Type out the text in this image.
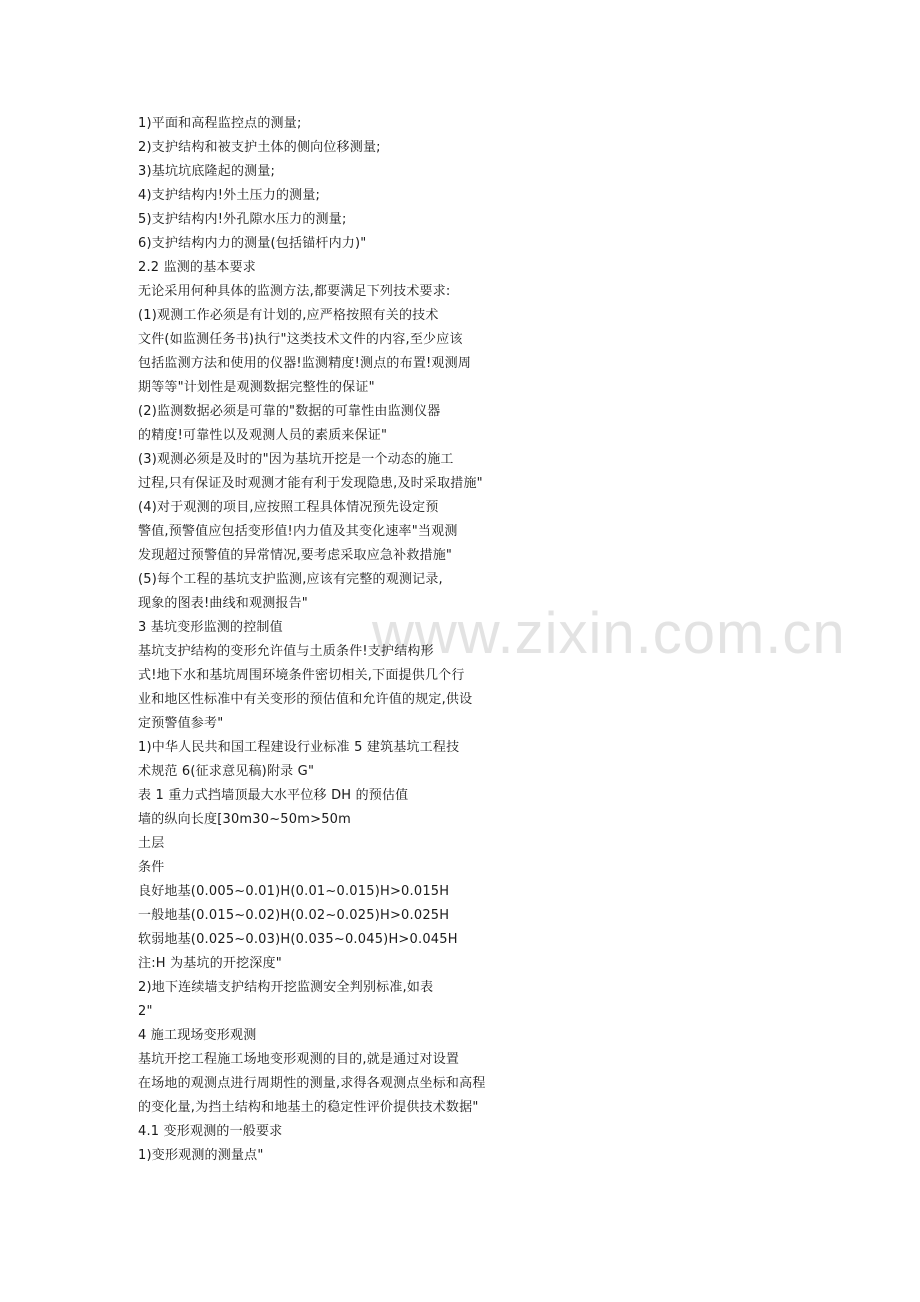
www.zixin.com.cn
1)平面和高程监控点的测量;
2)支护结构和被支护土体的侧向位移测量;
3)基坑坑底隆起的测量;
4)支护结构内!外土压力的测量;
5)支护结构内!外孔隙水压力的测量;
6)支护结构内力的测量(包括锚杆内力)"
2.2 监测的基本要求
无论采用何种具体的监测方法,都要满足下列技术要求:
(1)观测工作必须是有计划的,应严格按照有关的技术
文件(如监测任务书)执行"这类技术文件的内容,至少应该
包括监测方法和使用的仪器!监测精度!测点的布置!观测周
期等等"计划性是观测数据完整性的保证"
(2)监测数据必须是可靠的"数据的可靠性由监测仪器
的精度!可靠性以及观测人员的素质来保证"
(3)观测必须是及时的"因为基坑开挖是一个动态的施工
过程,只有保证及时观测才能有利于发现隐患,及时采取措施"
(4)对于观测的项目,应按照工程具体情况预先设定预
警值,预警值应包括变形值!内力值及其变化速率"当观测
发现超过预警值的异常情况,要考虑采取应急补救措施"
(5)每个工程的基坑支护监测,应该有完整的观测记录,
现象的图表!曲线和观测报告"
3 基坑变形监测的控制值
基坑支护结构的变形允许值与土质条件!支护结构形
式!地下水和基坑周围环境条件密切相关,下面提供几个行
业和地区性标准中有关变形的预估值和允许值的规定,供设
定预警值参考"
1)中华人民共和国工程建设行业标准 5 建筑基坑工程技
术规范 6(征求意见稿)附录 G"
表 1 重力式挡墙顶最大水平位移 DH 的预估值
墙的纵向长度[30m30~50m>50m
土层
条件
良好地基(0.005~0.01)H(0.01~0.015)H>0.015H
一般地基(0.015~0.02)H(0.02~0.025)H>0.025H
软弱地基(0.025~0.03)H(0.035~0.045)H>0.045H
注:H 为基坑的开挖深度"
2)地下连续墙支护结构开挖监测安全判别标准,如表
2"
4 施工现场变形观测
基坑开挖工程施工场地变形观测的目的,就是通过对设置
在场地的观测点进行周期性的测量,求得各观测点坐标和高程
的变化量,为挡土结构和地基土的稳定性评价提供技术数据"
4.1 变形观测的一般要求
1)变形观测的测量点"
